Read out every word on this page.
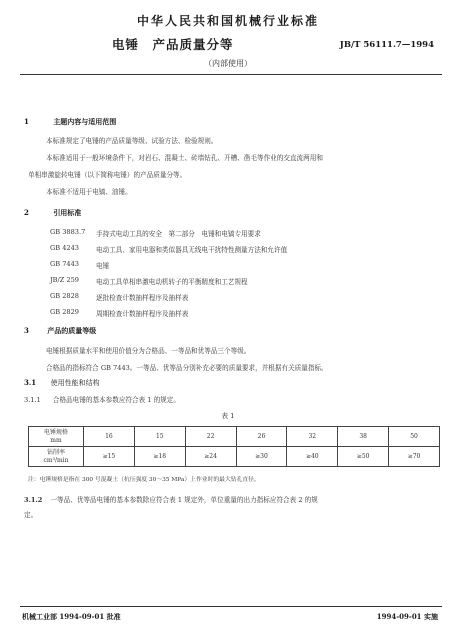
中华人民共和国机械行业标准
电锤　产品质量分等	JB/T 56111.7—1994
（内部使用）
1	主题内容与适用范围
本标准规定了电锤的产品质量等级、试验方法、检验规则。
本标准适用于一般环境条件下，对岩石、混凝土、砖墙钻孔、开槽、凿毛等作业的交直流两用和
单相串激旋转电锤（以下简称电锤）的产品质量分等。
本标准不适用于电镐、油锤。
2	引用标准
GB 3883.7 手持式电动工具的安全　第二部分　电锤和电镐专用要求
GB 4243	电动工具、家用电器和类似器具无线电干扰特性测量方法和允许值
GB 7443	电锤
JB/Z 259	电动工具单相串激电动机转子的平衡精度和工艺规程
GB 2828	逐批检查计数抽样程序及抽样表
GB 2829	周期检查计数抽样程序及抽样表
3	产品的质量等级
电锤根据质量水平和使用价值分为合格品、一等品和优等品三个等级。
合格品的指标符合 GB 7443。一等品、优等品分别补充必要的质量要求，并根据有关质量指标。
3.1 使用性能和结构
3.1.1 合格品电锤的基本参数应符合表 1 的规定。
表 1
电锤规格
mm	16	15	22	26	32	38	50
钻削率
cm³/min	≥15	≥18	≥24	≥30	≥40	≥50	≥70
注：电锤规格是指在 300 号混凝土（抗压强度 30～35 MPa）上作业时的最大钻孔直径。
3.1.2 一等品、优等品电锤的基本参数除应符合表 1 规定外，单位重量的出力指标应符合表 2 的规
定。
机械工业部 1994-09-01 批准	1994-09-01 实施
